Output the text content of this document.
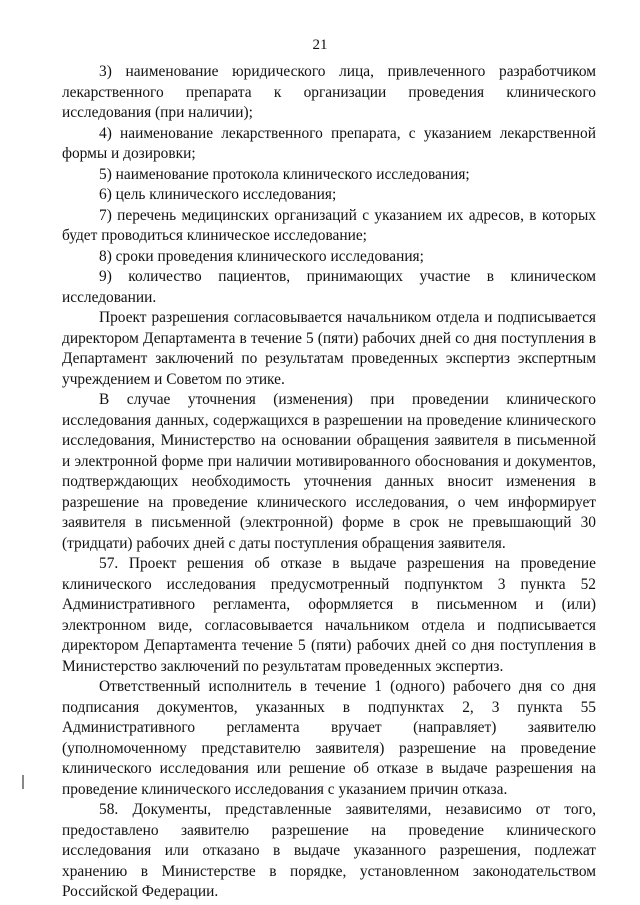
21

3) наименование юридического лица, привлеченного разработчиком лекарственного препарата к организации проведения клинического исследования (при наличии);

4) наименование лекарственного препарата, с указанием лекарственной формы и дозировки;

5) наименование протокола клинического исследования;

6) цель клинического исследования;

7) перечень медицинских организаций с указанием их адресов, в которых будет проводиться клиническое исследование;

8) сроки проведения клинического исследования;

9) количество пациентов, принимающих участие в клиническом исследовании.

Проект разрешения согласовывается начальником отдела и подписывается директором Департамента в течение 5 (пяти) рабочих дней со дня поступления в Департамент заключений по результатам проведенных экспертиз экспертным учреждением и Советом по этике.

В случае уточнения (изменения) при проведении клинического исследования данных, содержащихся в разрешении на проведение клинического исследования, Министерство на основании обращения заявителя в письменной и электронной форме при наличии мотивированного обоснования и документов, подтверждающих необходимость уточнения данных вносит изменения в разрешение на проведение клинического исследования, о чем информирует заявителя в письменной (электронной) форме в срок не превышающий 30 (тридцати) рабочих дней с даты поступления обращения заявителя.

57. Проект решения об отказе в выдаче разрешения на проведение клинического исследования предусмотренный подпунктом 3 пункта 52 Административного регламента, оформляется в письменном и (или) электронном виде, согласовывается начальником отдела и подписывается директором Департамента течение 5 (пяти) рабочих дней со дня поступления в Министерство заключений по результатам проведенных экспертиз.

Ответственный исполнитель в течение 1 (одного) рабочего дня со дня подписания документов, указанных в подпунктах 2, 3 пункта 55 Административного регламента вручает (направляет) заявителю (уполномоченному представителю заявителя) разрешение на проведение клинического исследования или решение об отказе в выдаче разрешения на проведение клинического исследования с указанием причин отказа.

58. Документы, представленные заявителями, независимо от того, предоставлено заявителю разрешение на проведение клинического исследования или отказано в выдаче указанного разрешения, подлежат хранению в Министерстве в порядке, установленном законодательством Российской Федерации.
